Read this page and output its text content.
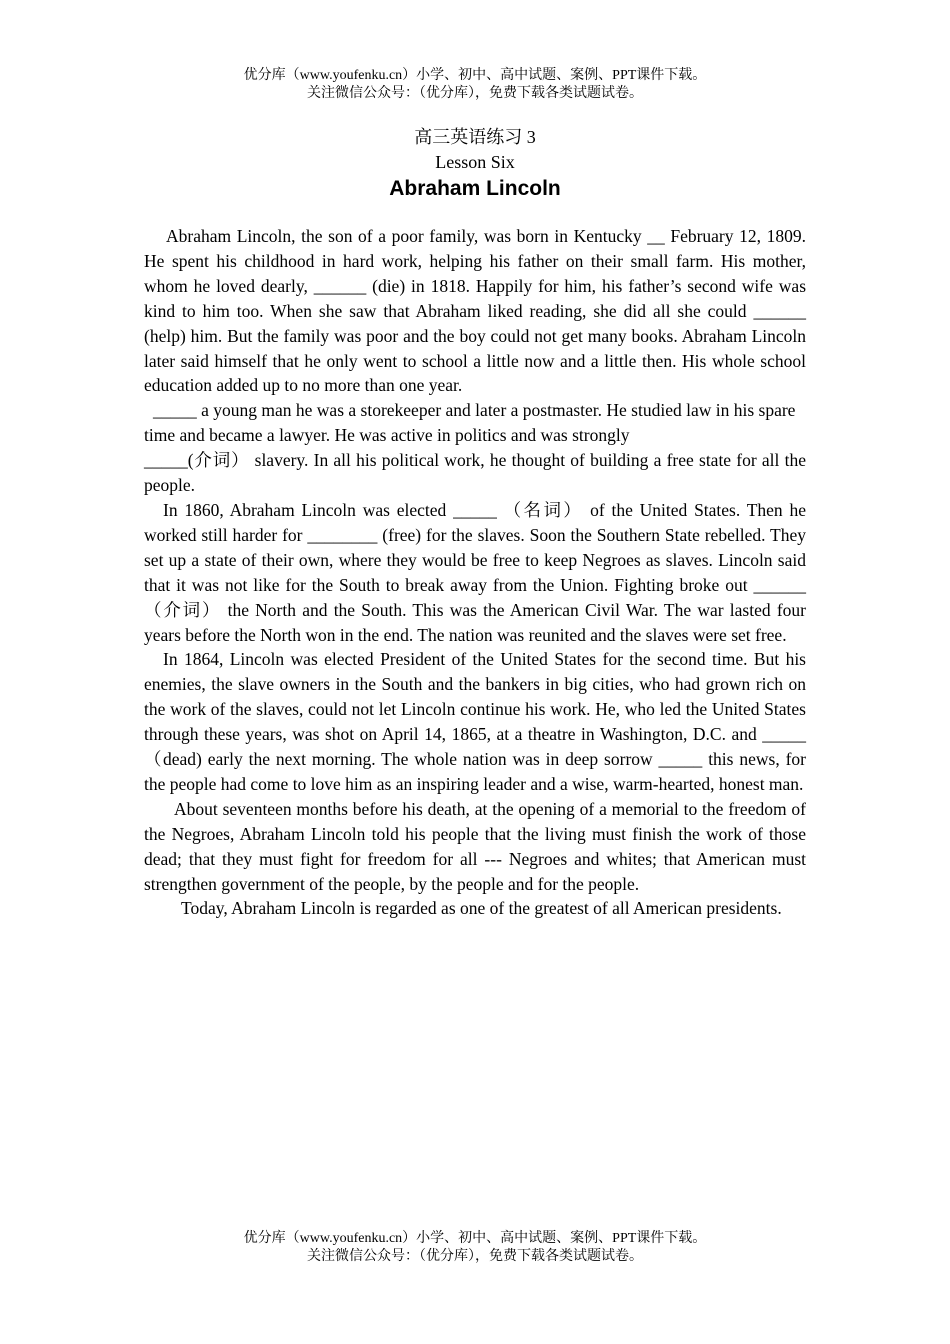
优分库（www.youfenku.cn）小学、初中、高中试题、案例、PPT课件下载。
关注微信公众号：（优分库），免费下载各类试题试卷。
高三英语练习 3
Lesson Six
Abraham Lincoln

Abraham Lincoln, the son of a poor family, was born in Kentucky __ February 12, 1809. He spent his childhood in hard work, helping his father on their small farm. His mother, whom he loved dearly, ______ (die) in 1818. Happily for him, his father’s second wife was kind to him too. When she saw that Abraham liked reading, she did all she could ______ (help) him. But the family was poor and the boy could not get many books. Abraham Lincoln later said himself that he only went to school a little now and a little then. His whole school education added up to no more than one year.

_____ a young man he was a storekeeper and later a postmaster. He studied law in his spare time and became a lawyer. He was active in politics and was strongly

_____(介词） slavery. In all his political work, he thought of building a free state for all the people.

In 1860, Abraham Lincoln was elected _____ （名词） of the United States. Then he worked still harder for ________ (free) for the slaves. Soon the Southern State rebelled. They set up a state of their own, where they would be free to keep Negroes as slaves. Lincoln said that it was not like for the South to break away from the Union. Fighting broke out ______ （介词） the North and the South. This was the American Civil War. The war lasted four years before the North won in the end. The nation was reunited and the slaves were set free.

In 1864, Lincoln was elected President of the United States for the second time. But his enemies, the slave owners in the South and the bankers in big cities, who had grown rich on the work of the slaves, could not let Lincoln continue his work. He, who led the United States through these years, was shot on April 14, 1865, at a theatre in Washington, D.C. and _____（dead) early the next morning. The whole nation was in deep sorrow _____ this news, for the people had come to love him as an inspiring leader and a wise, warm-hearted, honest man.

About seventeen months before his death, at the opening of a memorial to the freedom of the Negroes, Abraham Lincoln told his people that the living must finish the work of those dead; that they must fight for freedom for all --- Negroes and whites; that American must strengthen government of the people, by the people and for the people.

Today, Abraham Lincoln is regarded as one of the greatest of all American presidents.

优分库（www.youfenku.cn）小学、初中、高中试题、案例、PPT课件下载。
关注微信公众号：（优分库），免费下载各类试题试卷。
